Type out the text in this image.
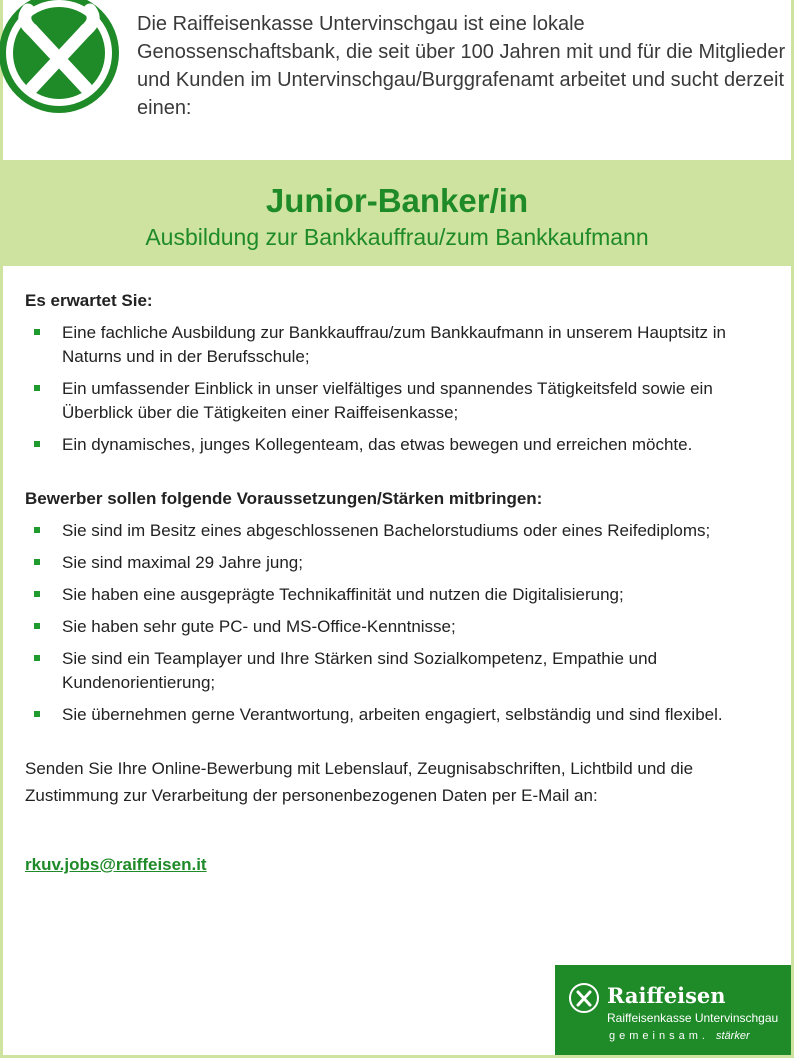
Die Raiffeisenkasse Untervinschgau ist eine lokale Genossenschaftsbank, die seit über 100 Jahren mit und für die Mitglieder und Kunden im Untervinschgau/Burggrafenamt arbeitet und sucht derzeit einen:

Junior-Banker/in

Ausbildung zur Bankkauffrau/zum Bankkaufmann

Es erwartet Sie:

Eine fachliche Ausbildung zur Bankkauffrau/zum Bankkaufmann in unserem Hauptsitz in Naturns und in der Berufsschule;
Ein umfassender Einblick in unser vielfältiges und spannendes Tätigkeitsfeld sowie ein Überblick über die Tätigkeiten einer Raiffeisenkasse;
Ein dynamisches, junges Kollegenteam, das etwas bewegen und erreichen möchte.

Bewerber sollen folgende Voraussetzungen/Stärken mitbringen:

Sie sind im Besitz eines abgeschlossenen Bachelorstudiums oder eines Reifediploms;
Sie sind maximal 29 Jahre jung;
Sie haben eine ausgeprägte Technikaffinität und nutzen die Digitalisierung;
Sie haben sehr gute PC- und MS-Office-Kenntnisse;
Sie sind ein Teamplayer und Ihre Stärken sind Sozialkompetenz, Empathie und Kundenorientierung;
Sie übernehmen gerne Verantwortung, arbeiten engagiert, selbständig und sind flexibel.

Senden Sie Ihre Online-Bewerbung mit Lebenslauf, Zeugnisabschriften, Lichtbild und die Zustimmung zur Verarbeitung der personenbezogenen Daten per E-Mail an:

rkuv.jobs@raiffeisen.it
Raiffeisen
Raiffeisenkasse Untervinschgau
gemeinsam. stärker
